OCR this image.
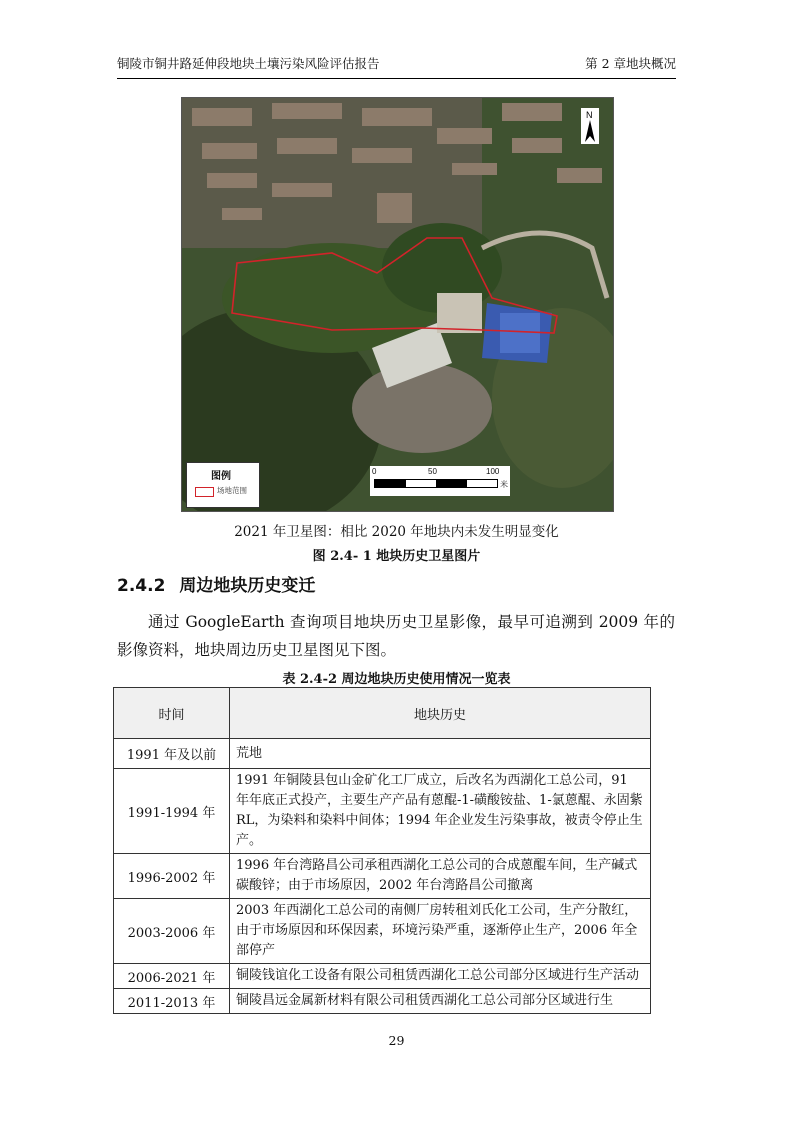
铜陵市铜井路延伸段地块土壤污染风险评估报告	第 2 章地块概况
N
图例
场地范围
0	50	100
米
2021 年卫星图：相比 2020 年地块内未发生明显变化
图 2.4- 1 地块历史卫星图片
2.4.2 周边地块历史变迁
通过 GoogleEarth 查询项目地块历史卫星影像，最早可追溯到 2009 年的影像资料，地块周边历史卫星图见下图。
表 2.4-2 周边地块历史使用情况一览表
时间	地块历史
1991 年及以前	荒地
1991-1994 年	1991 年铜陵县包山金矿化工厂成立，后改名为西湖化工总公司，91 年年底正式投产，主要生产产品有蒽醌-1-磺酸铵盐、1-氯蒽醌、永固紫 RL，为染料和染料中间体；1994 年企业发生污染事故，被责令停止生产。
1996-2002 年	1996 年台湾路昌公司承租西湖化工总公司的合成蒽醌车间，生产碱式碳酸锌；由于市场原因，2002 年台湾路昌公司撤离
2003-2006 年	2003 年西湖化工总公司的南侧厂房转租刘氏化工公司，生产分散红，由于市场原因和环保因素，环境污染严重，逐渐停止生产，2006 年全部停产
2006-2021 年	铜陵钱谊化工设备有限公司租赁西湖化工总公司部分区域进行生产活动
2011-2013 年	铜陵昌远金属新材料有限公司租赁西湖化工总公司部分区域进行生
29
